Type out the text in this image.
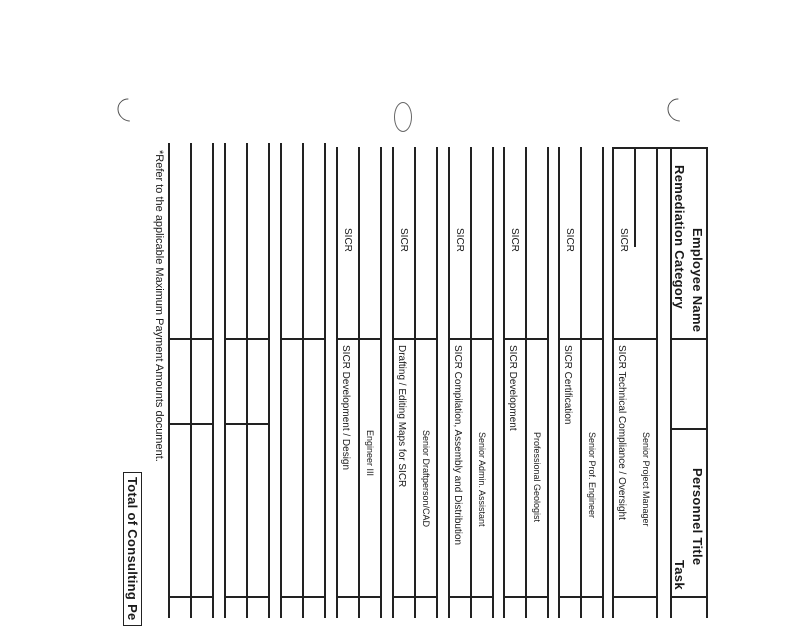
Employee Name
Remediation Category
Personnel Title
Task
SICR
SICR Technical Compliance / Oversight Senior Project Manager
Senior Prof. Engineer
SICR
SICR Certification
SICR
SICR Development
Professional Geologist
SICR
SICR Compilation, Assembly and Distribution Senior Admin. Assistant
SICR
Drafting / Editing Maps for SICR Senior Draftperson/CAD
SICR
SICR Development / Design Engineer III
*Refer to the applicable Maximum Payment Amounts document.
Total of Consulting Pe
